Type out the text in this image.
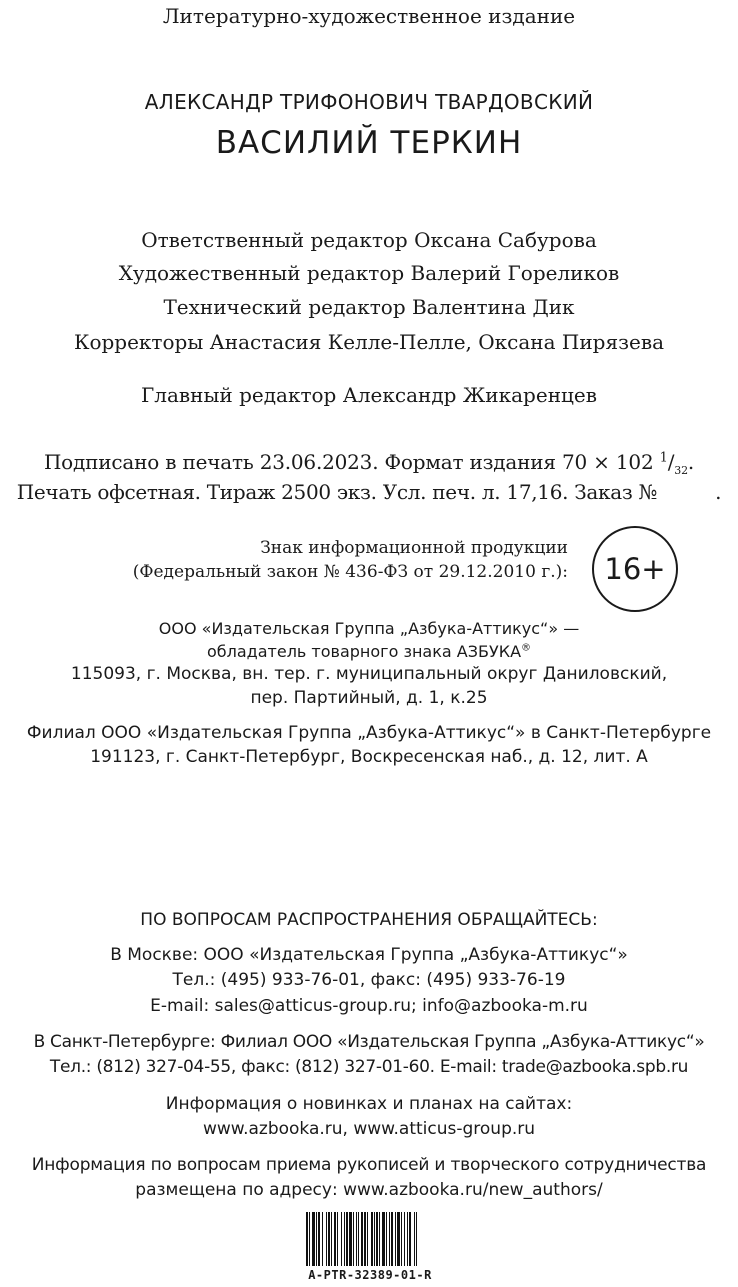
Литературно-художественное издание
АЛЕКСАНДР ТРИФОНОВИЧ ТВАРДОВСКИЙ
ВАСИЛИЙ ТЕРКИН
Ответственный редактор Оксана Сабурова
Художественный редактор Валерий Гореликов
Технический редактор Валентина Дик
Корректоры Анастасия Келле-Пелле, Оксана Пирязева
Главный редактор Александр Жикаренцев
Подписано в печать 23.06.2023. Формат издания 70 × 102 $^1/_{32}$.
Печать офсетная. Тираж 2500 экз. Усл. печ. л. 17,16. Заказ №	.
Знак информационной продукции
(Федеральный закон № 436-ФЗ от 29.12.2010 г.):	16+
ООО «Издательская Группа „Азбука-Аттикус“» —
обладатель товарного знака АЗБУКА®
115093, г. Москва, вн. тер. г. муниципальный округ Даниловский,
пер. Партийный, д. 1, к.25
Филиал ООО «Издательская Группа „Азбука-Аттикус“» в Санкт-Петербурге
191123, г. Санкт-Петербург, Воскресенская наб., д. 12, лит. А
ПО ВОПРОСАМ РАСПРОСТРАНЕНИЯ ОБРАЩАЙТЕСЬ:
В Москве: ООО «Издательская Группа „Азбука-Аттикус“»
Тел.: (495) 933-76-01, факс: (495) 933-76-19
E-mail: sales@atticus-group.ru; info@azbooka-m.ru
В Санкт-Петербурге: Филиал ООО «Издательская Группа „Азбука-Аттикус“»
Тел.: (812) 327-04-55, факс: (812) 327-01-60. E-mail: trade@azbooka.spb.ru
Информация о новинках и планах на сайтах:
www.azbooka.ru, www.atticus-group.ru
Информация по вопросам приема рукописей и творческого сотрудничества
размещена по адресу: www.azbooka.ru/new_authors/
A-PTR-32389-01-R
